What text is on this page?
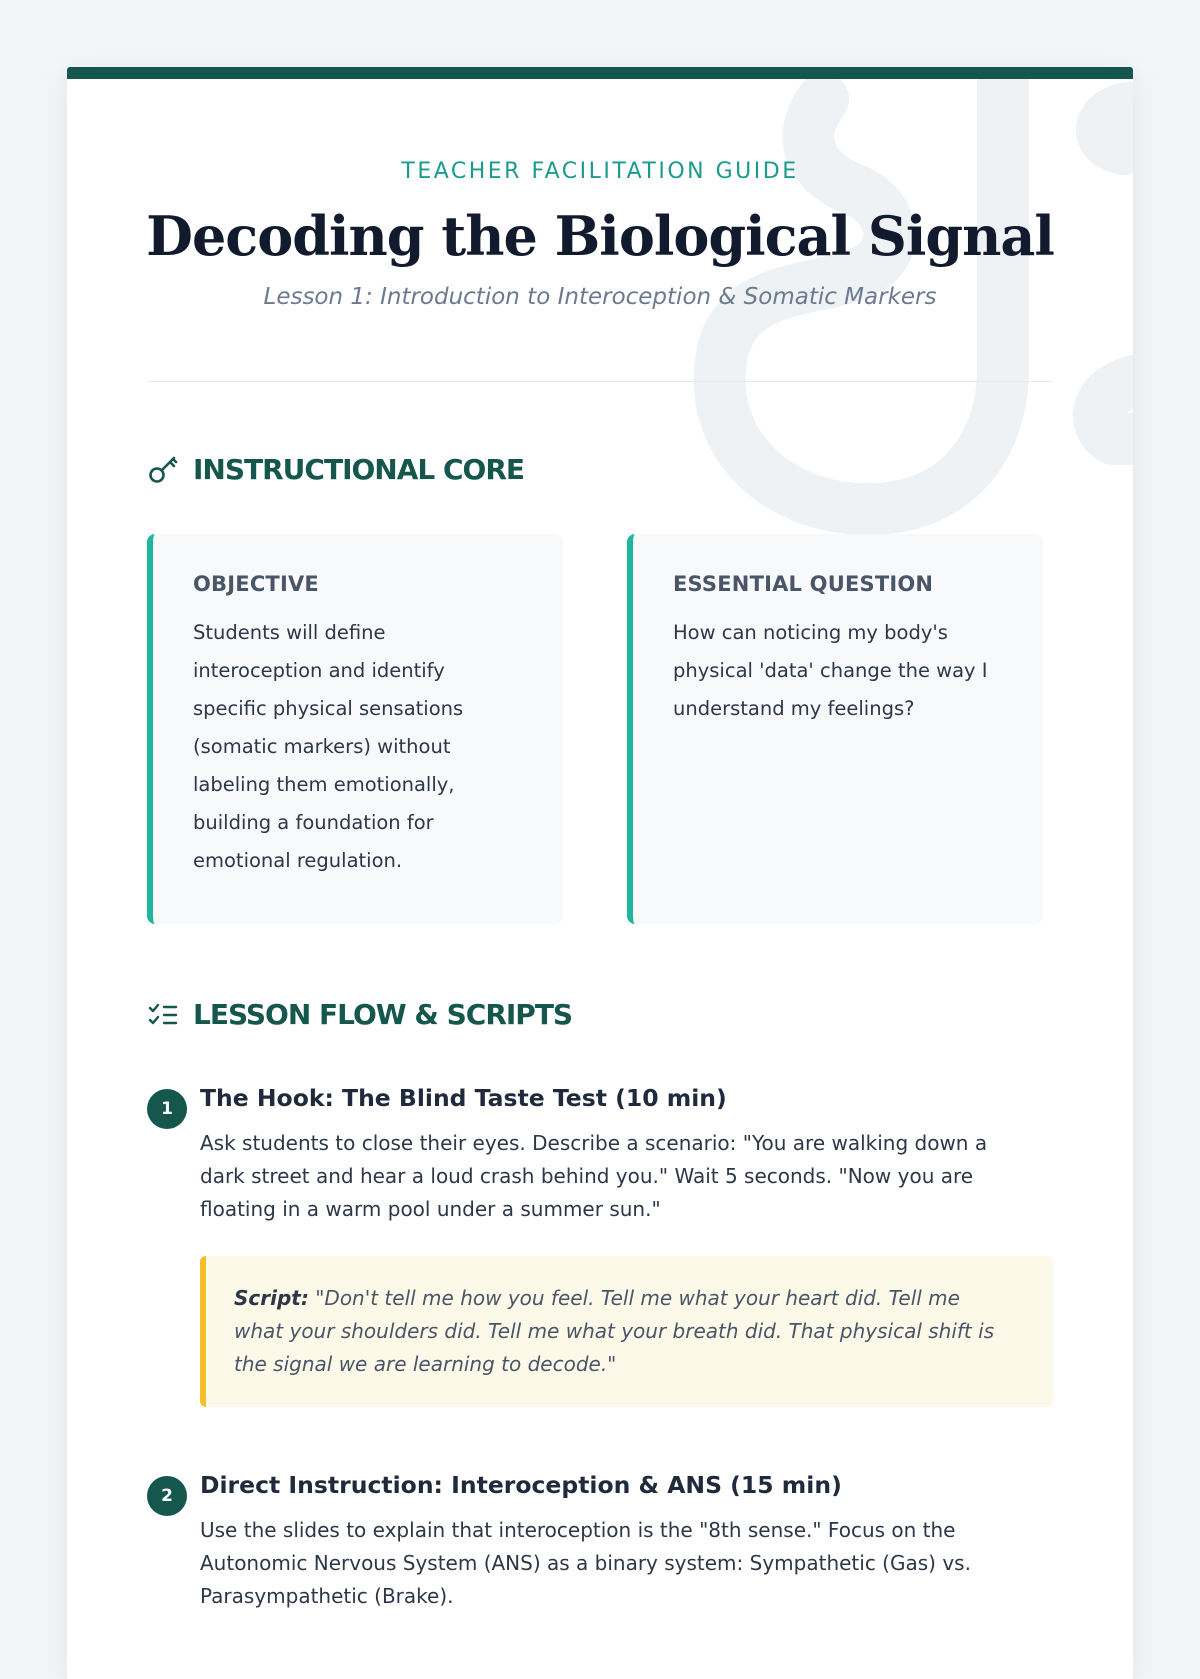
TEACHER FACILITATION GUIDE

Decoding the Biological Signal

Lesson 1: Introduction to Interoception & Somatic Markers

INSTRUCTIONAL CORE
OBJECTIVE

Students will define
interoception and identify
specific physical sensations
(somatic markers) without
labeling them emotionally,
building a foundation for
emotional regulation.

ESSENTIAL QUESTION

How can noticing my body's
physical 'data' change the way I
understand my feelings?

LESSON FLOW & SCRIPTS
1	The Hook: The Blind Taste Test (10 min)

Ask students to close their eyes. Describe a scenario: "You are walking down a
dark street and hear a loud crash behind you." Wait 5 seconds. "Now you are
floating in a warm pool under a summer sun."

Script: "Don't tell me how you feel. Tell me what your heart did. Tell me
what your shoulders did. Tell me what your breath did. That physical shift is
the signal we are learning to decode."
2	Direct Instruction: Interoception & ANS (15 min)

Use the slides to explain that interoception is the "8th sense." Focus on the
Autonomic Nervous System (ANS) as a binary system: Sympathetic (Gas) vs.
Parasympathetic (Brake).
